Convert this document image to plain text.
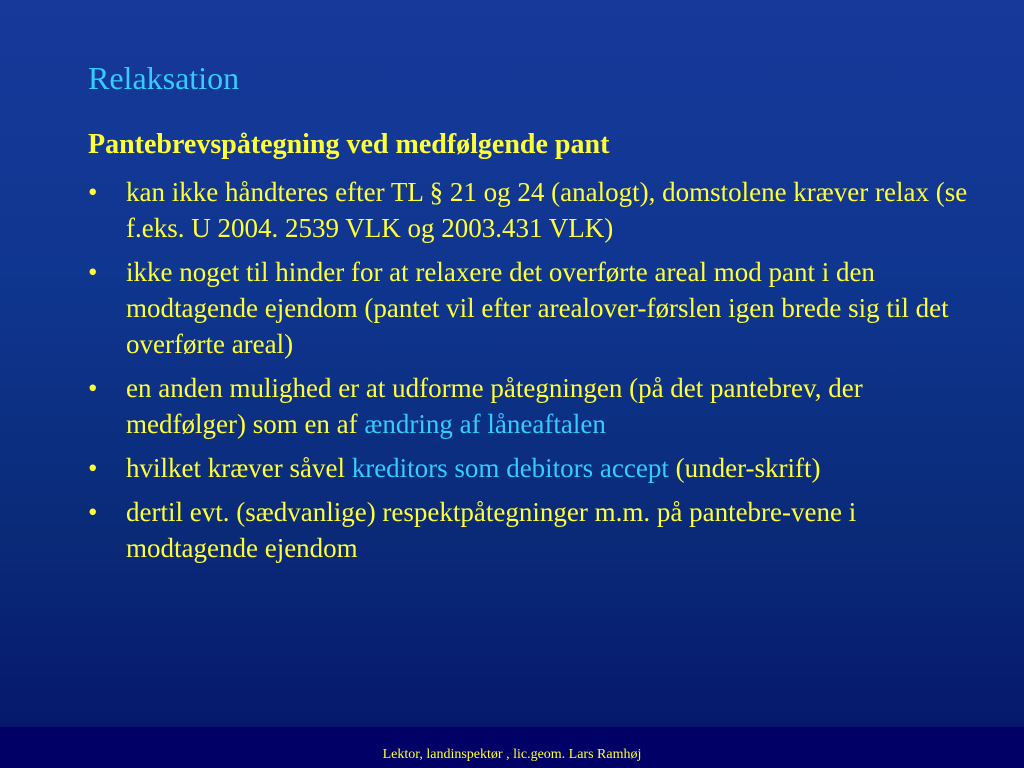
Relaksation
Pantebrevspåtegning ved medfølgende pant
• kan ikke håndteres efter TL § 21 og 24 (analogt), domstolene kræver relax (se f.eks. U 2004. 2539 VLK og 2003.431 VLK)
• ikke noget til hinder for at relaxere det overførte areal mod pant i den modtagende ejendom (pantet vil efter arealover-førslen igen brede sig til det overførte areal)
• en anden mulighed er at udforme påtegningen (på det pantebrev, der medfølger) som en af ændring af låneaftalen
• hvilket kræver såvel kreditors som debitors accept (under-skrift)
• dertil evt. (sædvanlige) respektpåtegninger m.m. på pantebre-vene i modtagende ejendom
Lektor, landinspektør , lic.geom. Lars Ramhøj
